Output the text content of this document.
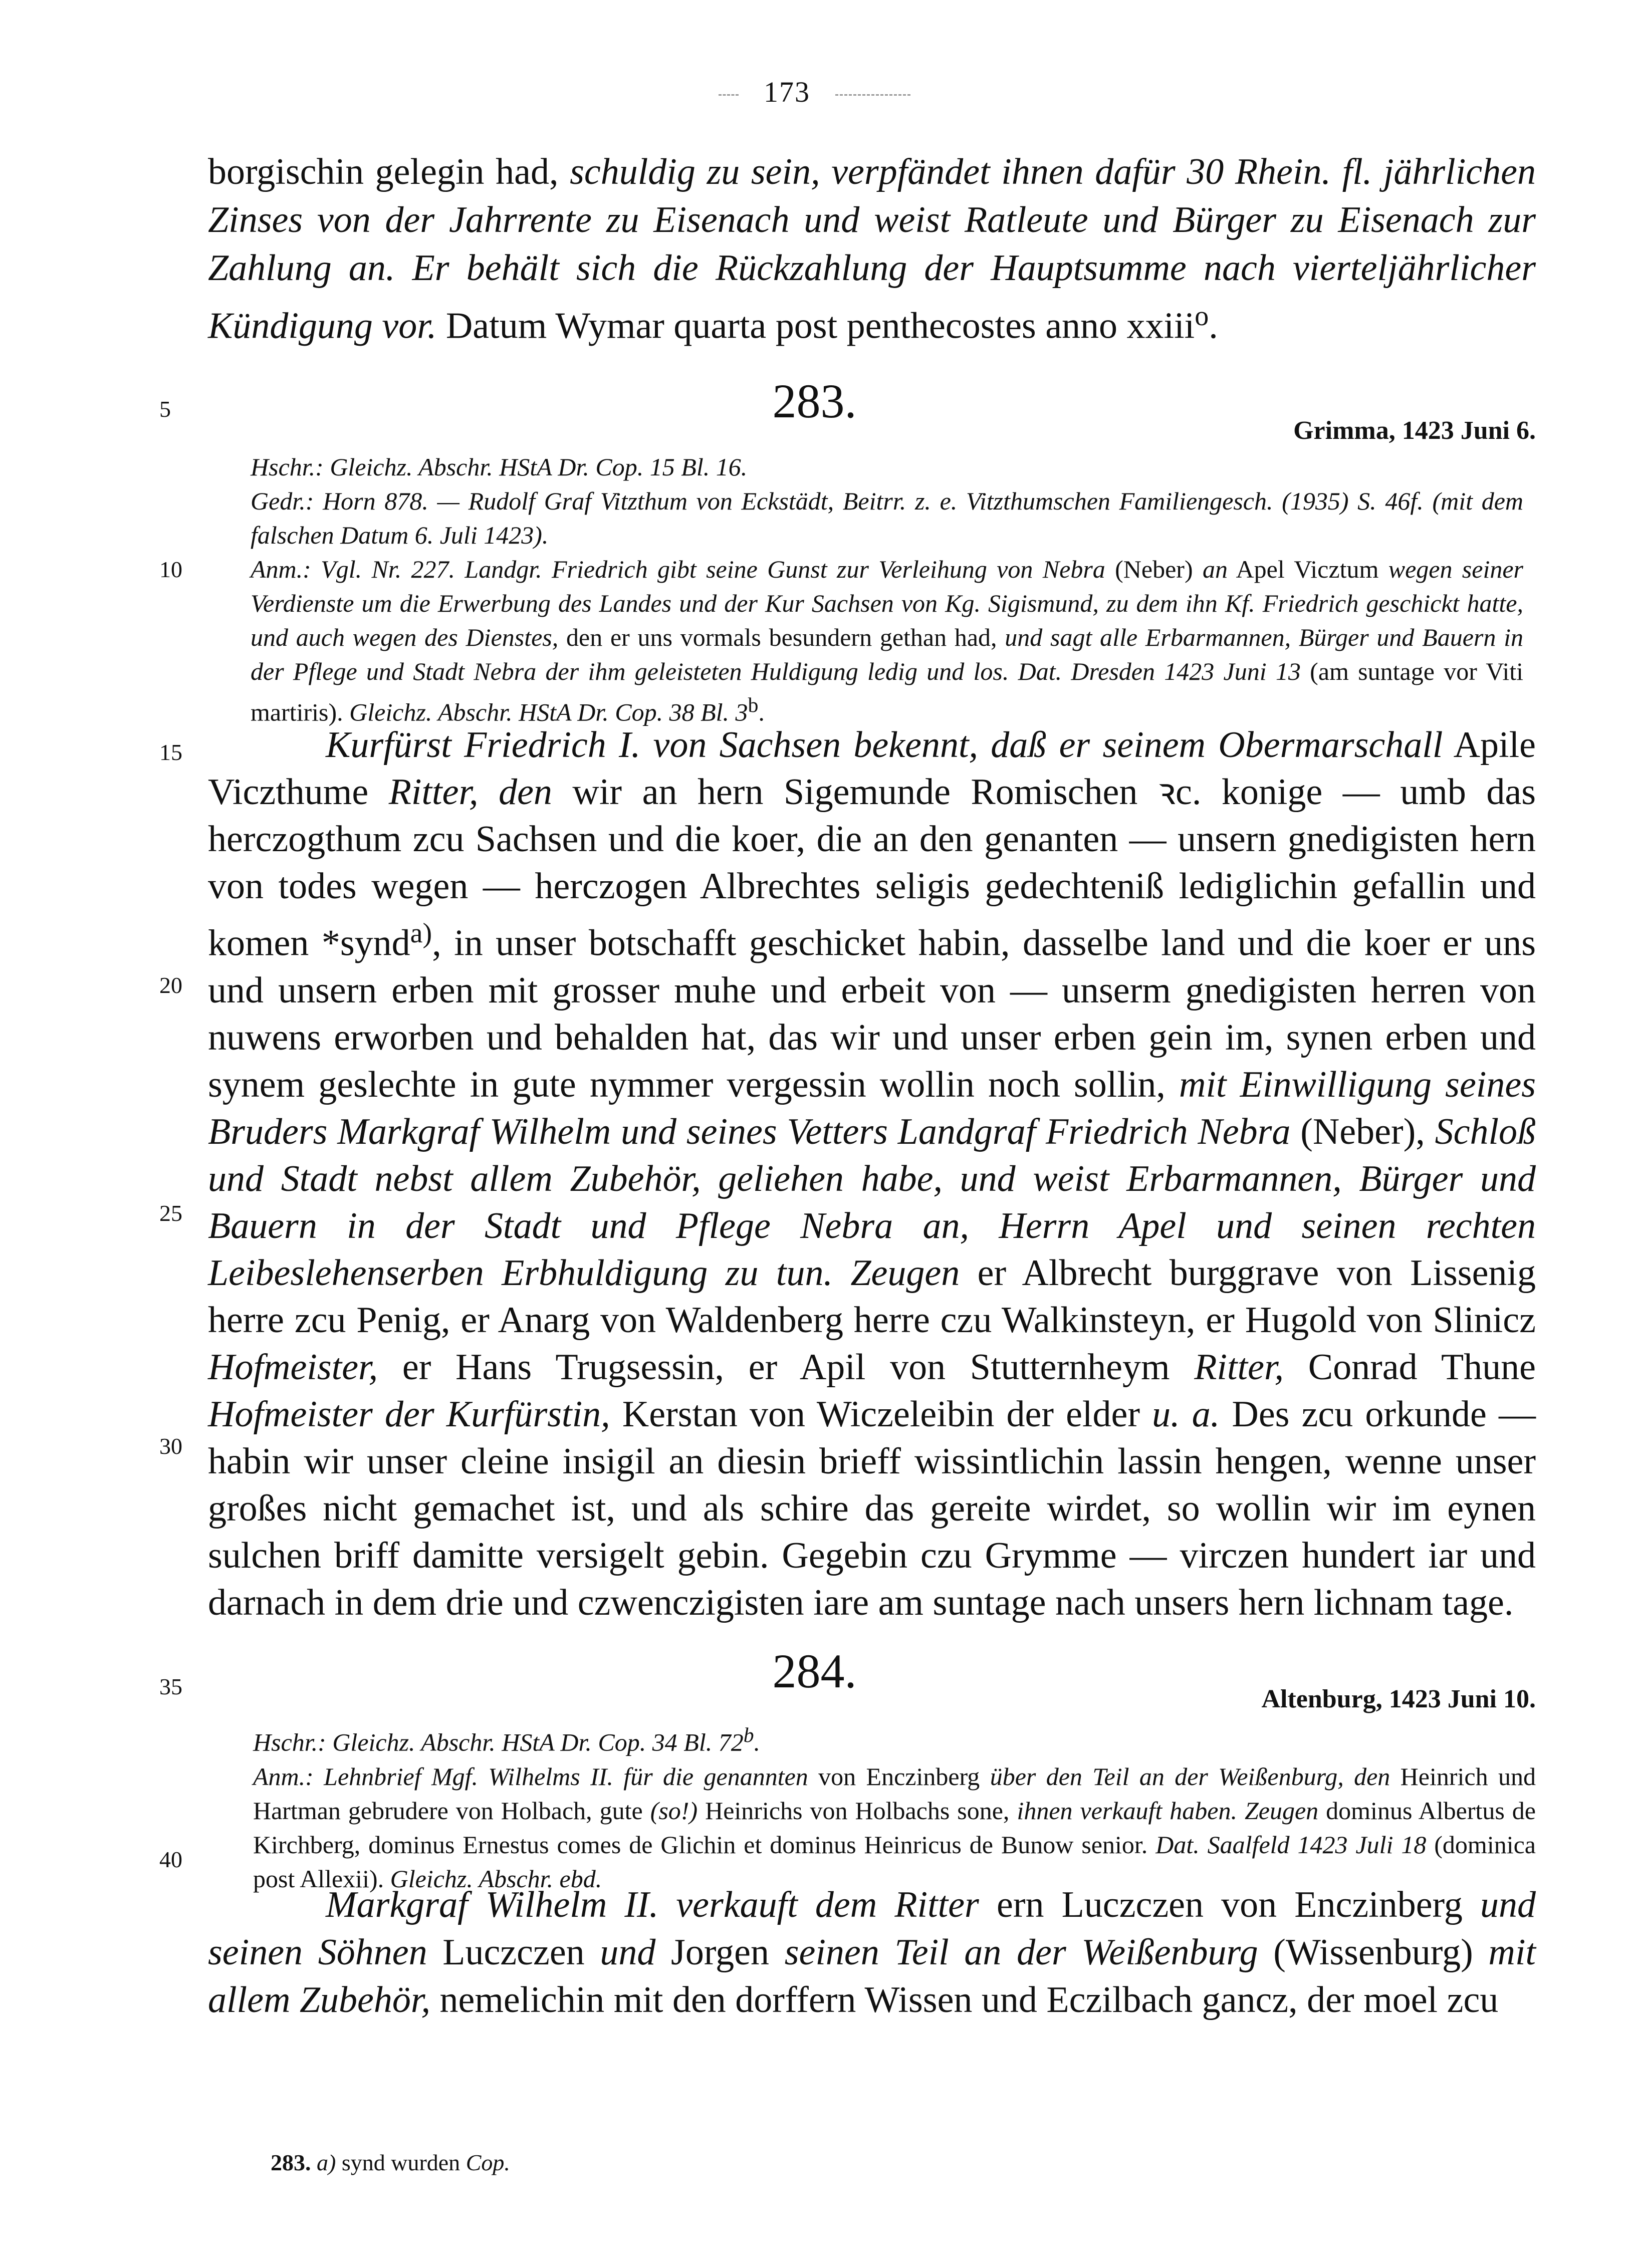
173

borgischin gelegin had, schuldig zu sein, verpfändet ihnen dafür 30 Rhein. fl. jährlichen Zinses von der Jahrrente zu Eisenach und weist Ratleute und Bürger zu Eisenach zur Zahlung an. Er behält sich die Rückzahlung der Hauptsumme nach vierteljährlicher Kündigung vor. Datum Wymar quarta post penthecostes anno xxiii$^o$.

5
10
15
20
25
30
35
40
283.
Grimma, 1423 Juni 6.

Hschr.: Gleichz. Abschr. HStA Dr. Cop. 15 Bl. 16.

Gedr.: Horn 878. — Rudolf Graf Vitzthum von Eckstädt, Beitrr. z. e. Vitzthumschen Familiengesch. (1935) S. 46f. (mit dem falschen Datum 6. Juli 1423).

Anm.: Vgl. Nr. 227. Landgr. Friedrich gibt seine Gunst zur Verleihung von Nebra (Neber) an Apel Vicztum wegen seiner Verdienste um die Erwerbung des Landes und der Kur Sachsen von Kg. Sigismund, zu dem ihn Kf. Friedrich geschickt hatte, und auch wegen des Dienstes, den er uns vormals besundern gethan had, und sagt alle Erbarmannen, Bürger und Bauern in der Pflege und Stadt Nebra der ihm geleisteten Huldigung ledig und los. Dat. Dresden 1423 Juni 13 (am suntage vor Viti martiris). Gleichz. Abschr. HStA Dr. Cop. 38 Bl. 3$^b$.

Kurfürst Friedrich I. von Sachsen bekennt, daß er seinem Obermarschall Apile Viczthume Ritter, den wir an hern Sigemunde Romischen ꝛc. konige — umb das herczogthum zcu Sachsen und die koer, die an den genanten — unsern gnedigisten hern von todes wegen — herczogen Albrechtes seligis gedechteniß lediglichin gefallin und komen *synd$^{a)}$, in unser botschafft geschicket habin, dasselbe land und die koer er uns und unsern erben mit grosser muhe und erbeit von — unserm gnedigisten herren von nuwens erworben und behalden hat, das wir und unser erben gein im, synen erben und synem geslechte in gute nymmer vergessin wollin noch sollin, mit Einwilligung seines Bruders Markgraf Wilhelm und seines Vetters Landgraf Friedrich Nebra (Neber), Schloß und Stadt nebst allem Zubehör, geliehen habe, und weist Erbarmannen, Bürger und Bauern in der Stadt und Pflege Nebra an, Herrn Apel und seinen rechten Leibeslehenserben Erbhuldigung zu tun. Zeugen er Albrecht burggrave von Lissenig herre zcu Penig, er Anarg von Waldenberg herre czu Walkinsteyn, er Hugold von Slinicz Hofmeister, er Hans Trugsessin, er Apil von Stutternheym Ritter, Conrad Thune Hofmeister der Kurfürstin, Kerstan von Wiczeleibin der elder u. a. Des zcu orkunde — habin wir unser cleine insigil an diesin brieff wissintlichin lassin hengen, wenne unser großes nicht gemachet ist, und als schire das gereite wirdet, so wollin wir im eynen sulchen briff damitte versigelt gebin. Gegebin czu Grymme — virczen hundert iar und darnach in dem drie und czwenczigisten iare am suntage nach unsers hern lichnam tage.

284.
Altenburg, 1423 Juni 10.

Hschr.: Gleichz. Abschr. HStA Dr. Cop. 34 Bl. 72$^b$.

Anm.: Lehnbrief Mgf. Wilhelms II. für die genannten von Enczinberg über den Teil an der Weißenburg, den Heinrich und Hartman gebrudere von Holbach, gute (so!) Heinrichs von Holbachs sone, ihnen verkauft haben. Zeugen dominus Albertus de Kirchberg, dominus Ernestus comes de Glichin et dominus Heinricus de Bunow senior. Dat. Saalfeld 1423 Juli 18 (dominica post Allexii). Gleichz. Abschr. ebd.

Markgraf Wilhelm II. verkauft dem Ritter ern Luczczen von Enczinberg und seinen Söhnen Luczczen und Jorgen seinen Teil an der Weißenburg (Wissenburg) mit allem Zubehör, nemelichin mit den dorffern Wissen und Eczilbach gancz, der moel zcu

283. a) synd wurden Cop.
